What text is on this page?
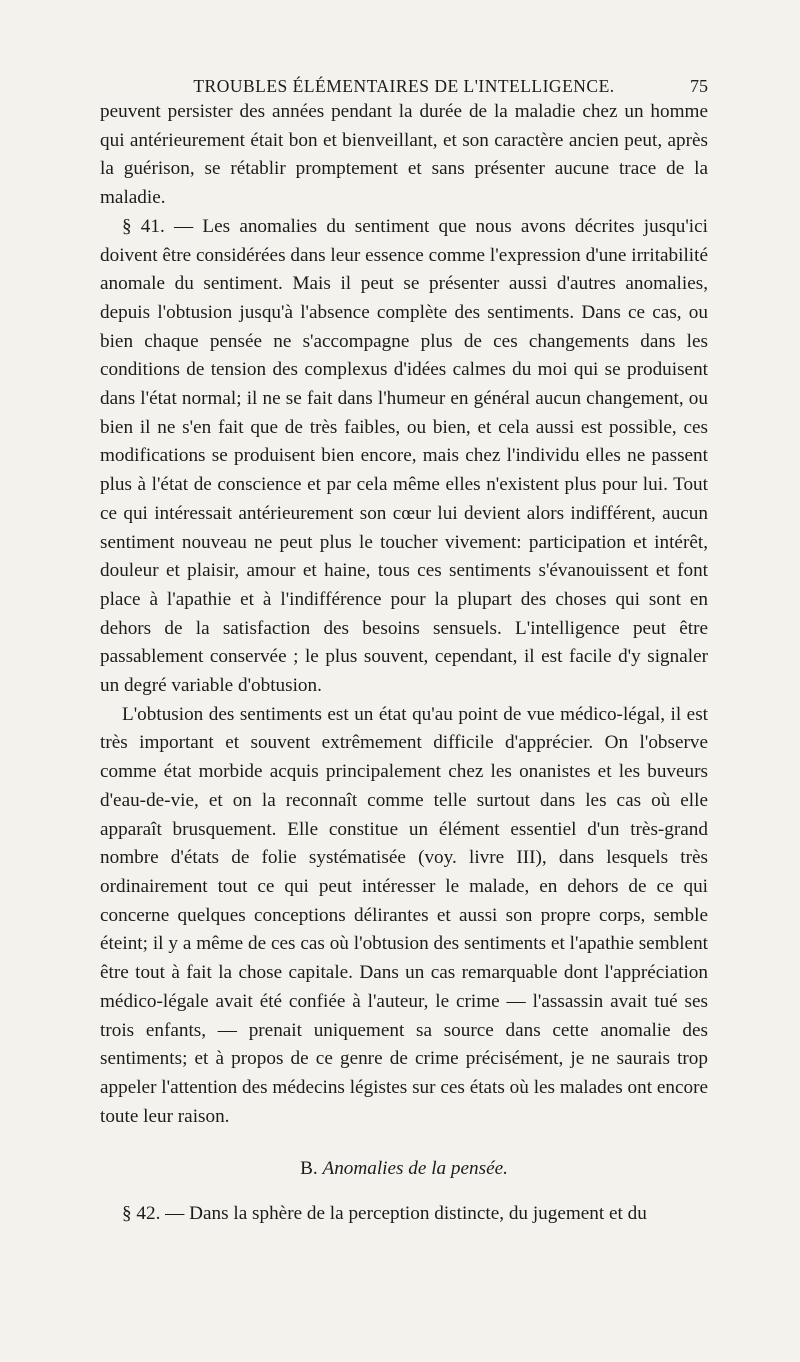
TROUBLES ÉLÉMENTAIRES DE L'INTELLIGENCE.	75

peuvent persister des années pendant la durée de la maladie chez un homme qui antérieurement était bon et bienveillant, et son caractère ancien peut, après la guérison, se rétablir promptement et sans présenter aucune trace de la maladie.

§ 41. — Les anomalies du sentiment que nous avons décrites jusqu'ici doivent être considérées dans leur essence comme l'expression d'une irritabilité anomale du sentiment. Mais il peut se présenter aussi d'autres anomalies, depuis l'obtusion jusqu'à l'absence complète des sentiments. Dans ce cas, ou bien chaque pensée ne s'accompagne plus de ces changements dans les conditions de tension des complexus d'idées calmes du moi qui se produisent dans l'état normal; il ne se fait dans l'humeur en général aucun changement, ou bien il ne s'en fait que de très faibles, ou bien, et cela aussi est possible, ces modifications se produisent bien encore, mais chez l'individu elles ne passent plus à l'état de conscience et par cela même elles n'existent plus pour lui. Tout ce qui intéressait antérieurement son cœur lui devient alors indifférent, aucun sentiment nouveau ne peut plus le toucher vivement: participation et intérêt, douleur et plaisir, amour et haine, tous ces sentiments s'évanouissent et font place à l'apathie et à l'indifférence pour la plupart des choses qui sont en dehors de la satisfaction des besoins sensuels. L'intelligence peut être passablement conservée ; le plus souvent, cependant, il est facile d'y signaler un degré variable d'obtusion.

L'obtusion des sentiments est un état qu'au point de vue médico-légal, il est très important et souvent extrêmement difficile d'apprécier. On l'observe comme état morbide acquis principalement chez les onanistes et les buveurs d'eau-de-vie, et on la reconnaît comme telle surtout dans les cas où elle apparaît brusquement. Elle constitue un élément essentiel d'un très-grand nombre d'états de folie systématisée (voy. livre III), dans lesquels très ordinairement tout ce qui peut intéresser le malade, en dehors de ce qui concerne quelques conceptions délirantes et aussi son propre corps, semble éteint; il y a même de ces cas où l'obtusion des sentiments et l'apathie semblent être tout à fait la chose capitale. Dans un cas remarquable dont l'appréciation médico-légale avait été confiée à l'auteur, le crime — l'assassin avait tué ses trois enfants, — prenait uniquement sa source dans cette anomalie des sentiments; et à propos de ce genre de crime précisément, je ne saurais trop appeler l'attention des médecins légistes sur ces états où les malades ont encore toute leur raison.

B. Anomalies de la pensée.

§ 42. — Dans la sphère de la perception distincte, du jugement et du
